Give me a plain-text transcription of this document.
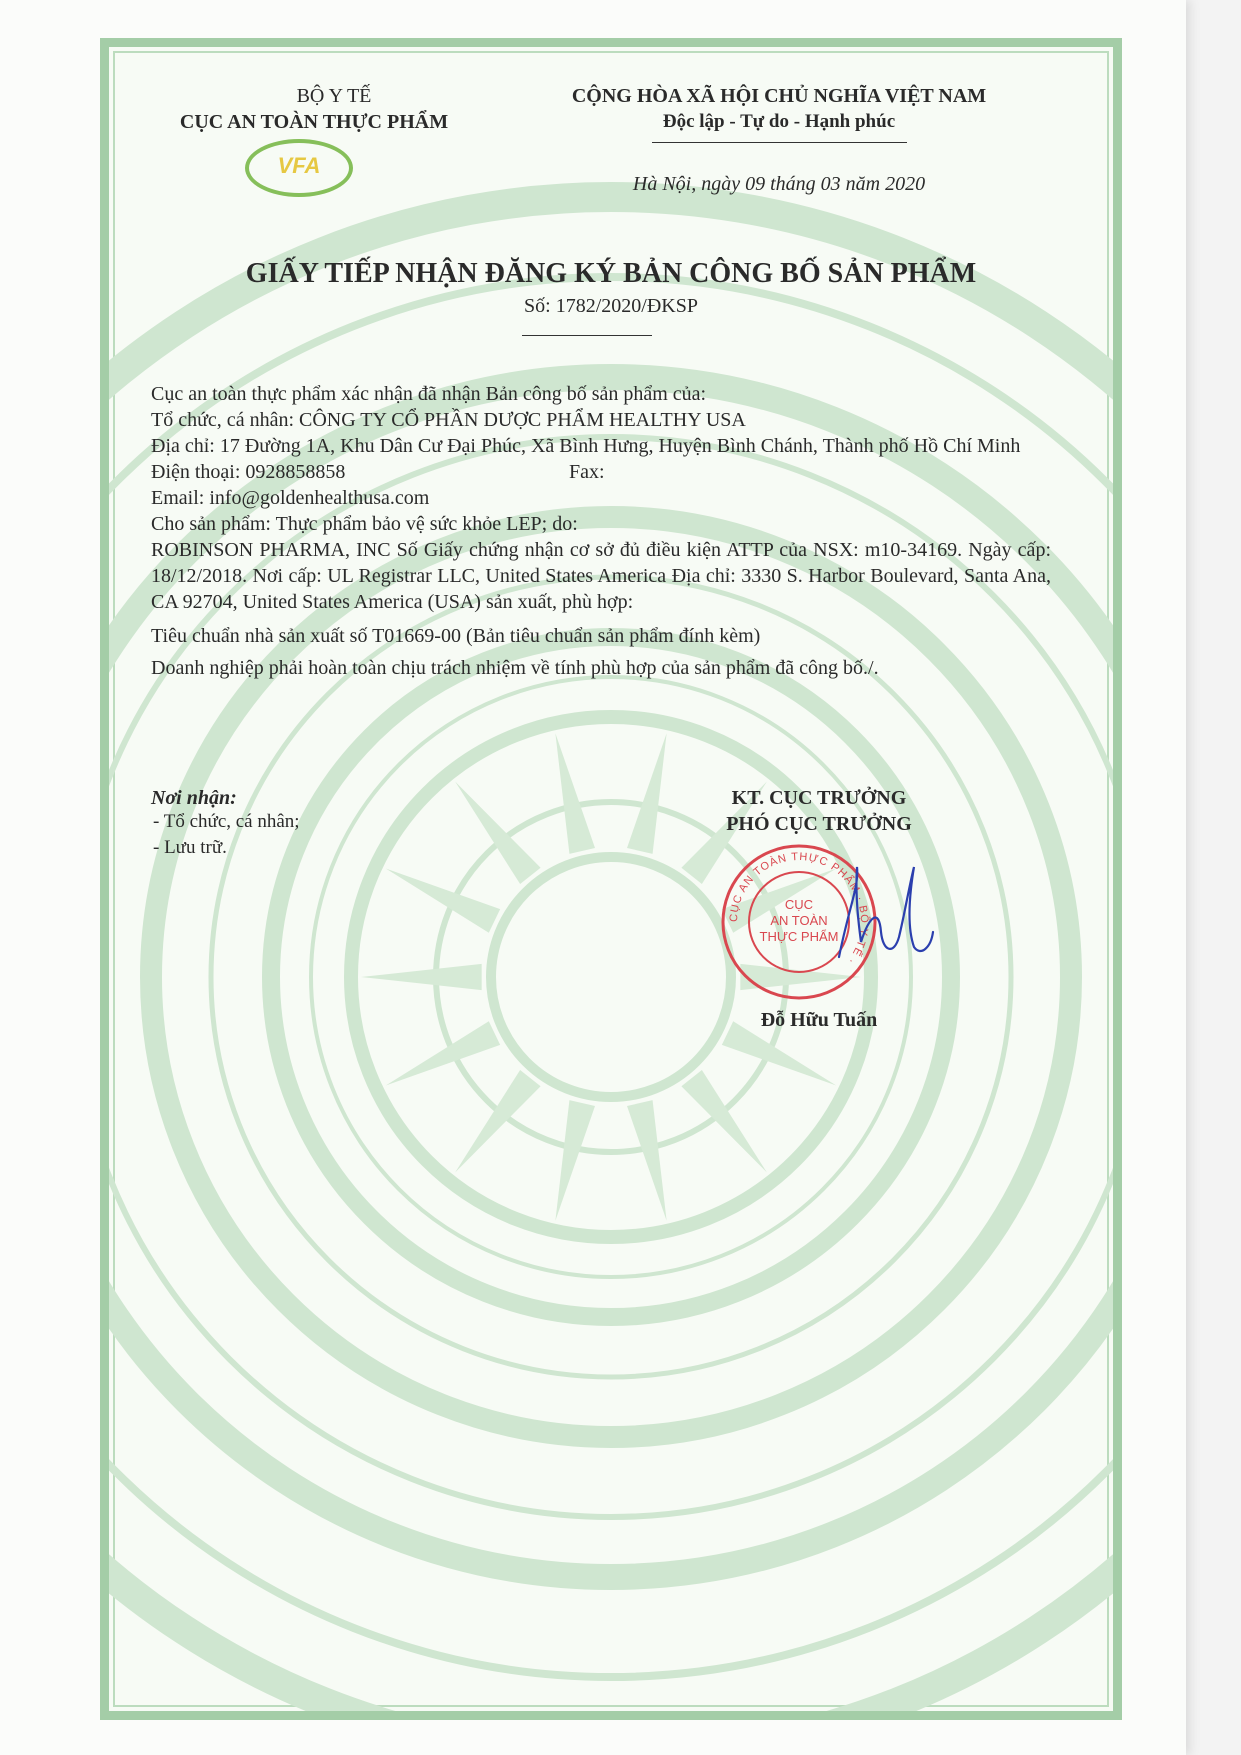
BỘ Y TẾ
CỤC AN TOÀN THỰC PHẨM
VFA
CỘNG HÒA XÃ HỘI CHỦ NGHĨA VIỆT NAM
Độc lập - Tự do - Hạnh phúc
Hà Nội, ngày 09 tháng 03 năm 2020
GIẤY TIẾP NHẬN ĐĂNG KÝ BẢN CÔNG BỐ SẢN PHẨM
Số: 1782/2020/ĐKSP
Cục an toàn thực phẩm xác nhận đã nhận Bản công bố sản phẩm của:
Tổ chức, cá nhân: CÔNG TY CỔ PHẦN DƯỢC PHẨM HEALTHY USA
Địa chỉ: 17 Đường 1A, Khu Dân Cư Đại Phúc, Xã Bình Hưng, Huyện Bình Chánh, Thành phố Hồ Chí Minh
Điện thoại: 0928858858	Fax:
Email: info@goldenhealthusa.com
Cho sản phẩm: Thực phẩm bảo vệ sức khỏe LEP; do:
ROBINSON PHARMA, INC Số Giấy chứng nhận cơ sở đủ điều kiện ATTP của NSX: m10-34169. Ngày cấp: 18/12/2018. Nơi cấp: UL Registrar LLC, United States America Địa chỉ: 3330 S. Harbor Boulevard, Santa Ana, CA 92704, United States America (USA) sản xuất, phù hợp:
Tiêu chuẩn nhà sản xuất số T01669-00 (Bản tiêu chuẩn sản phẩm đính kèm)
Doanh nghiệp phải hoàn toàn chịu trách nhiệm về tính phù hợp của sản phẩm đã công bố./.
Nơi nhận:
- Tổ chức, cá nhân;
- Lưu trữ.
KT. CỤC TRƯỞNG
PHÓ CỤC TRƯỞNG
CỤC AN TOÀN THỰC PHẨM · BỘ Y TẾ ·
CỤC
AN TOÀN
THỰC PHẨM
Đỗ Hữu Tuấn
